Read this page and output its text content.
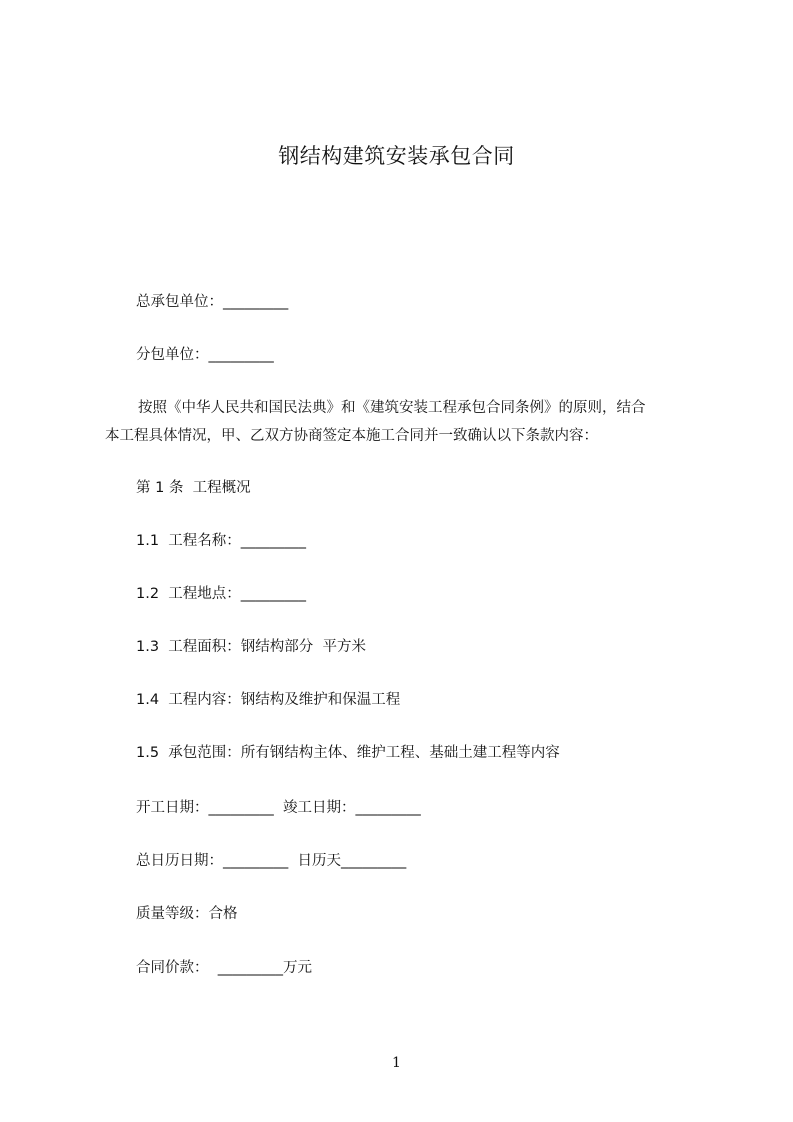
钢结构建筑安装承包合同
总承包单位：_________
分包单位：_________
按照《中华人民共和国民法典》和《建筑安装工程承包合同条例》的原则，结合
本工程具体情况，甲、乙双方协商签定本施工合同并一致确认以下条款内容：
第 1 条  工程概况
1.1  工程名称：_________
1.2  工程地点：_________
1.3  工程面积：钢结构部分  平方米
1.4  工程内容：钢结构及维护和保温工程
1.5  承包范围：所有钢结构主体、维护工程、基础土建工程等内容
开工日期：_________  竣工日期：_________
总日历日期：_________  日历天_________
质量等级：合格
合同价款：  _________万元
1
